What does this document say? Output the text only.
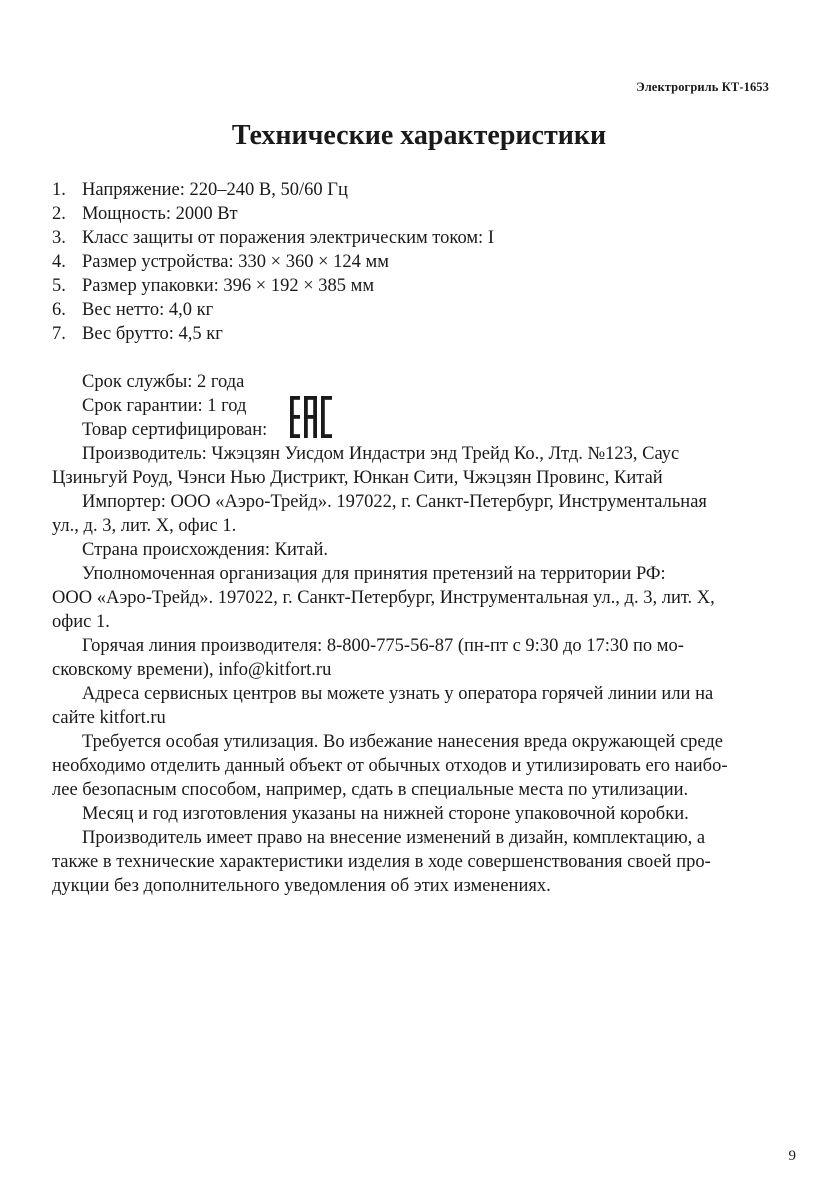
Электрогриль КТ-1653
Технические характеристики
1. Напряжение: 220–240 В, 50/60 Гц
2. Мощность: 2000 Вт
3. Класс защиты от поражения электрическим током: I
4. Размер устройства: 330 × 360 × 124 мм
5. Размер упаковки: 396 × 192 × 385 мм
6. Вес нетто: 4,0 кг
7. Вес брутто: 4,5 кг

Срок службы: 2 года

Срок гарантии: 1 год

Товар сертифицирован:

Производитель: Чжэцзян Уисдом Индастри энд Трейд Ко., Лтд. №123, Саус

Цзиньгуй Роуд, Чэнси Нью Дистрикт, Юнкан Сити, Чжэцзян Провинс, Китай

Импортер: ООО «Аэро-Трейд». 197022, г. Санкт-Петербург, Инструментальная

ул., д. 3, лит. Х, офис 1.

Страна происхождения: Китай.

Уполномоченная организация для принятия претензий на территории РФ:

ООО «Аэро-Трейд». 197022, г. Санкт-Петербург, Инструментальная ул., д. 3, лит. Х,

офис 1.

Горячая линия производителя: 8-800-775-56-87 (пн-пт с 9:30 до 17:30 по мо-

сковскому времени), info@kitfort.ru

Адреса сервисных центров вы можете узнать у оператора горячей линии или на

сайте kitfort.ru

Требуется особая утилизация. Во избежание нанесения вреда окружающей среде

необходимо отделить данный объект от обычных отходов и утилизировать его наибо-

лее безопасным способом, например, сдать в специальные места по утилизации.

Месяц и год изготовления указаны на нижней стороне упаковочной коробки.

Производитель имеет право на внесение изменений в дизайн, комплектацию, а

также в технические характеристики изделия в ходе совершенствования своей про-

дукции без дополнительного уведомления об этих изменениях.

9
